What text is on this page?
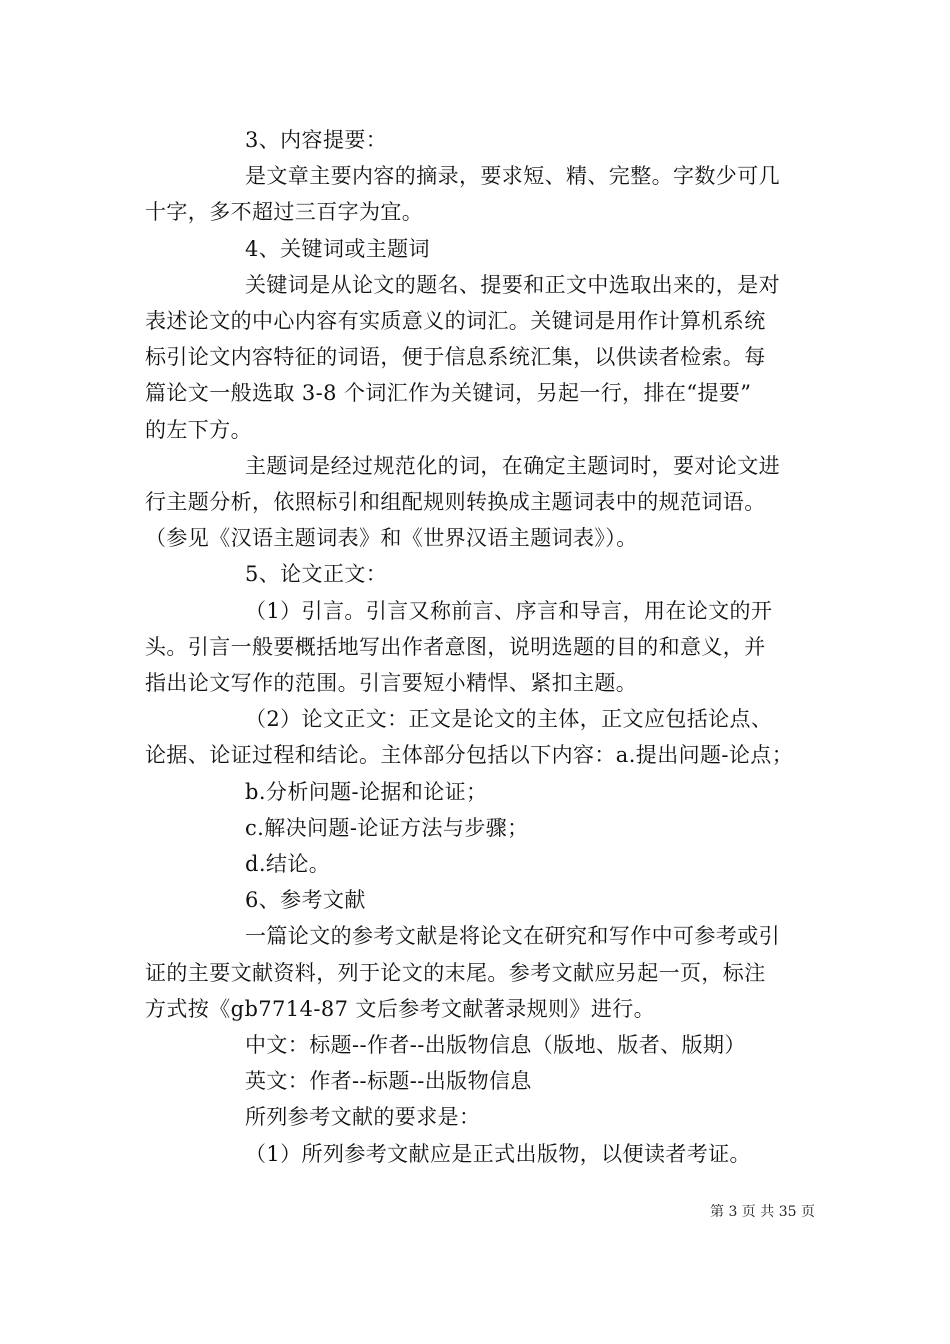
3、内容提要：
是文章主要内容的摘录，要求短、精、完整。字数少可几
十字，多不超过三百字为宜。
4、关键词或主题词
关键词是从论文的题名、提要和正文中选取出来的，是对
表述论文的中心内容有实质意义的词汇。关键词是用作计算机系统
标引论文内容特征的词语，便于信息系统汇集，以供读者检索。每
篇论文一般选取 3-8 个词汇作为关键词，另起一行，排在“提要”
的左下方。
主题词是经过规范化的词，在确定主题词时，要对论文进
行主题分析，依照标引和组配规则转换成主题词表中的规范词语。
（参见《汉语主题词表》和《世界汉语主题词表》）。
5、论文正文：
（1）引言。引言又称前言、序言和导言，用在论文的开
头。引言一般要概括地写出作者意图，说明选题的目的和意义，并
指出论文写作的范围。引言要短小精悍、紧扣主题。
（2）论文正文：正文是论文的主体，正文应包括论点、
论据、论证过程和结论。主体部分包括以下内容：a.提出问题-论点；
b.分析问题-论据和论证；
c.解决问题-论证方法与步骤；
d.结论。
6、参考文献
一篇论文的参考文献是将论文在研究和写作中可参考或引
证的主要文献资料，列于论文的末尾。参考文献应另起一页，标注
方式按《gb7714-87 文后参考文献著录规则》进行。
中文：标题--作者--出版物信息（版地、版者、版期）
英文：作者--标题--出版物信息
所列参考文献的要求是：
（1）所列参考文献应是正式出版物，以便读者考证。
第 3 页 共 35 页
